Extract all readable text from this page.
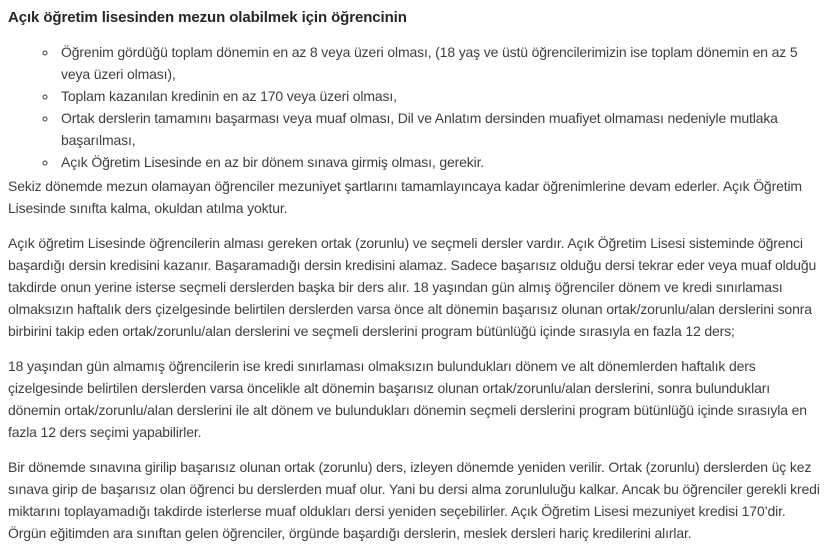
Açık öğretim lisesinden mezun olabilmek için öğrencinin
◦ Öğrenim gördüğü toplam dönemin en az 8 veya üzeri olması, (18 yaş ve üstü öğrencilerimizin ise toplam dönemin en az 5 veya üzeri olması),
◦ Toplam kazanılan kredinin en az 170 veya üzeri olması,
◦ Ortak derslerin tamamını başarması veya muaf olması, Dil ve Anlatım dersinden muafiyet olmaması nedeniyle mutlaka başarılması,
◦ Açık Öğretim Lisesinde en az bir dönem sınava girmiş olması, gerekir.

Sekiz dönemde mezun olamayan öğrenciler mezuniyet şartlarını tamamlayıncaya kadar öğrenimlerine devam ederler. Açık Öğretim Lisesinde sınıfta kalma, okuldan atılma yoktur.

Açık öğretim Lisesinde öğrencilerin alması gereken ortak (zorunlu) ve seçmeli dersler vardır. Açık Öğretim Lisesi sisteminde öğrenci başardığı dersin kredisini kazanır. Başaramadığı dersin kredisini alamaz. Sadece başarısız olduğu dersi tekrar eder veya muaf olduğu takdirde onun yerine isterse seçmeli derslerden başka bir ders alır. 18 yaşından gün almış öğrenciler dönem ve kredi sınırlaması olmaksızın haftalık ders çizelgesinde belirtilen derslerden varsa önce alt dönemin başarısız olunan ortak/zorunlu/alan derslerini sonra birbirini takip eden ortak/zorunlu/alan derslerini ve seçmeli derslerini program bütünlüğü içinde sırasıyla en fazla 12 ders;

18 yaşından gün almamış öğrencilerin ise kredi sınırlaması olmaksızın bulundukları dönem ve alt dönemlerden haftalık ders çizelgesinde belirtilen derslerden varsa öncelikle alt dönemin başarısız olunan ortak/zorunlu/alan derslerini, sonra bulundukları dönemin ortak/zorunlu/alan derslerini ile alt dönem ve bulundukları dönemin seçmeli derslerini program bütünlüğü içinde sırasıyla en fazla 12 ders seçimi yapabilirler.

Bir dönemde sınavına girilip başarısız olunan ortak (zorunlu) ders, izleyen dönemde yeniden verilir. Ortak (zorunlu) derslerden üç kez sınava girip de başarısız olan öğrenci bu derslerden muaf olur. Yani bu dersi alma zorunluluğu kalkar. Ancak bu öğrenciler gerekli kredi miktarını toplayamadığı takdirde isterlerse muaf oldukları dersi yeniden seçebilirler. Açık Öğretim Lisesi mezuniyet kredisi 170’dir. Örgün eğitimden ara sınıftan gelen öğrenciler, örgünde başardığı derslerin, meslek dersleri hariç kredilerini alırlar.
